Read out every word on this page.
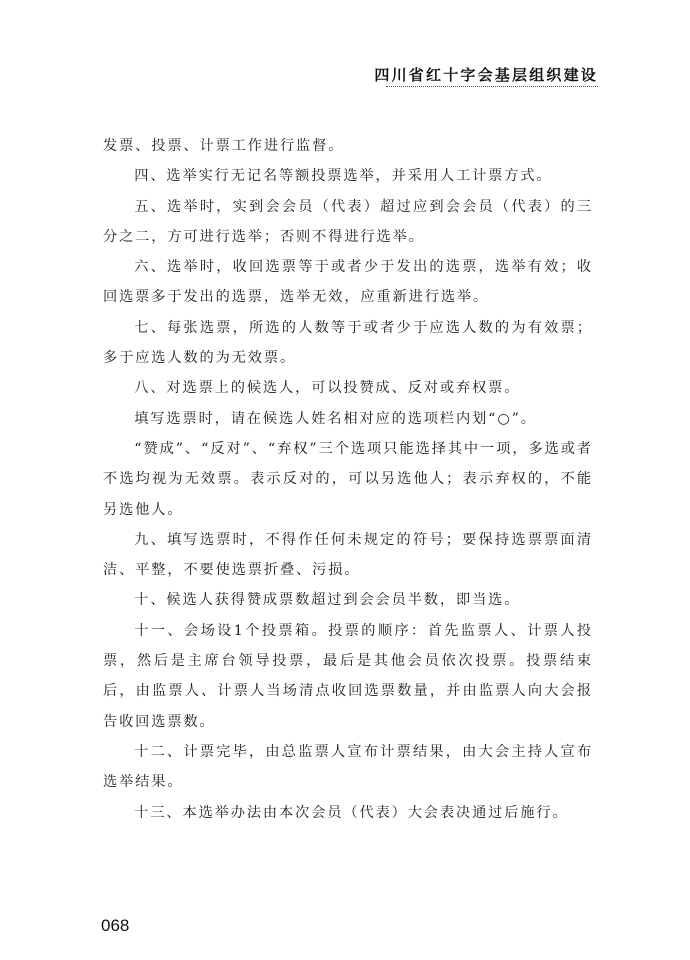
四川省红十字会基层组织建设

发票、投票、计票工作进行监督。

四、选举实行无记名等额投票选举，并采用人工计票方式。

五、选举时，实到会会员（代表）超过应到会会员（代表）的三分之二，方可进行选举；否则不得进行选举。

六、选举时，收回选票等于或者少于发出的选票，选举有效；收回选票多于发出的选票，选举无效，应重新进行选举。

七、每张选票，所选的人数等于或者少于应选人数的为有效票；多于应选人数的为无效票。

八、对选票上的候选人，可以投赞成、反对或弃权票。

填写选票时，请在候选人姓名相对应的选项栏内划“○”。

“赞成”、“反对”、“弃权”三个选项只能选择其中一项，多选或者不选均视为无效票。表示反对的，可以另选他人；表示弃权的，不能另选他人。

九、填写选票时，不得作任何未规定的符号；要保持选票票面清洁、平整，不要使选票折叠、污损。

十、候选人获得赞成票数超过到会会员半数，即当选。

十一、会场设1个投票箱。投票的顺序：首先监票人、计票人投票，然后是主席台领导投票，最后是其他会员依次投票。投票结束后，由监票人、计票人当场清点收回选票数量，并由监票人向大会报告收回选票数。

十二、计票完毕，由总监票人宣布计票结果，由大会主持人宣布选举结果。

十三、本选举办法由本次会员（代表）大会表决通过后施行。

068
